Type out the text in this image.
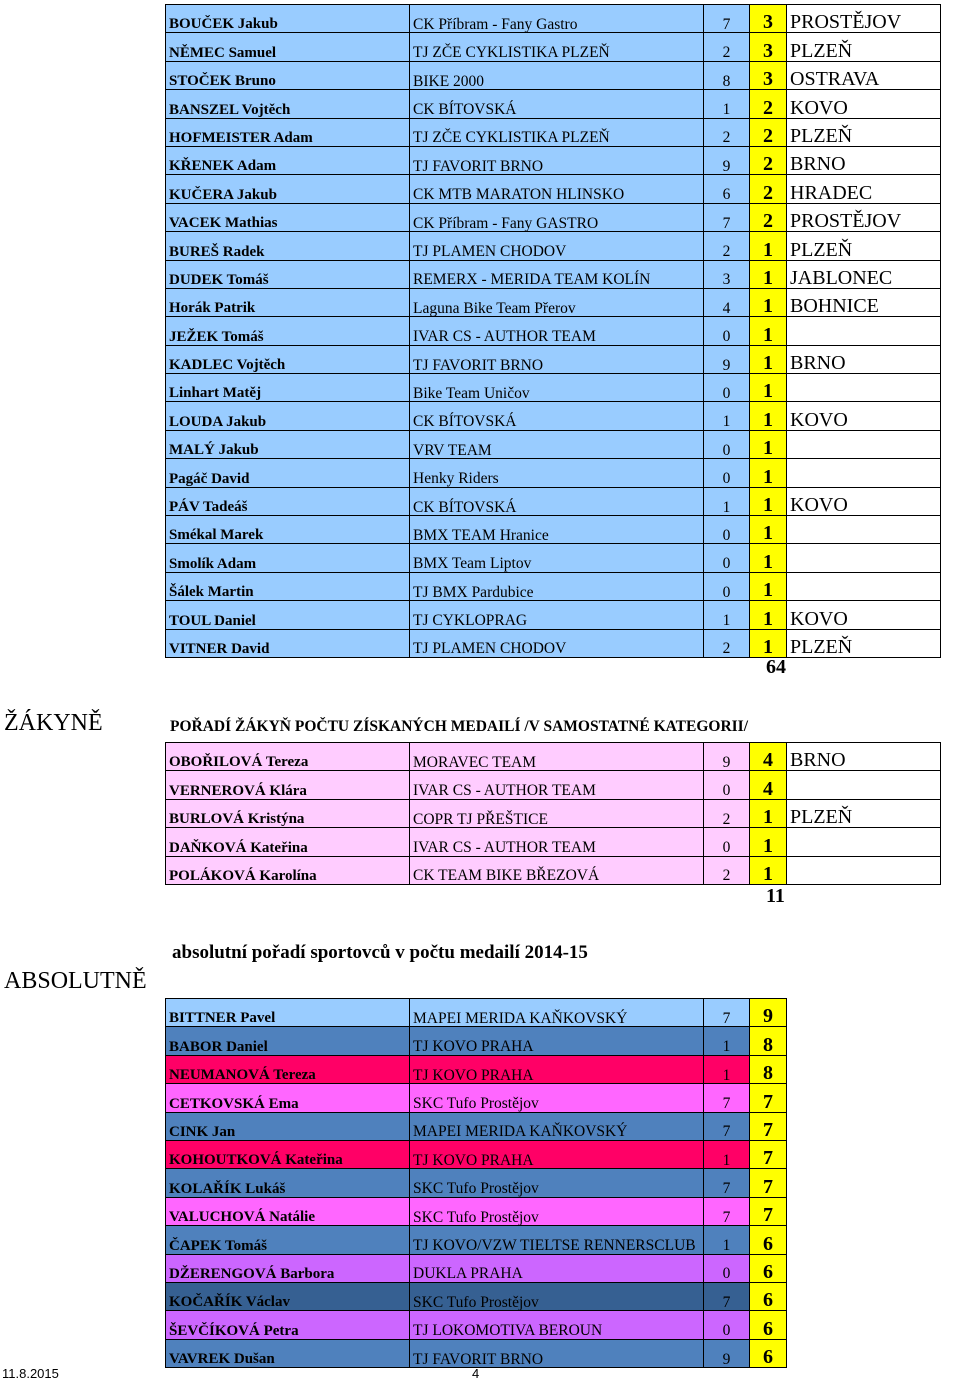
BOUČEK Jakub	CK Příbram - Fany Gastro	7	3	PROSTĚJOV
NĚMEC Samuel	TJ ZČE CYKLISTIKA PLZEŇ	2	3	PLZEŇ
STOČEK Bruno	BIKE 2000	8	3	OSTRAVA
BANSZEL Vojtěch	CK BÍTOVSKÁ	1	2	KOVO
HOFMEISTER Adam	TJ ZČE CYKLISTIKA PLZEŇ	2	2	PLZEŇ
KŘENEK Adam	TJ FAVORIT BRNO	9	2	BRNO
KUČERA Jakub	CK MTB MARATON HLINSKO	6	2	HRADEC
VACEK Mathias	CK Příbram - Fany GASTRO	7	2	PROSTĚJOV
BUREŠ Radek	TJ PLAMEN CHODOV	2	1	PLZEŇ
DUDEK Tomáš	REMERX - MERIDA TEAM KOLÍN	3	1	JABLONEC
Horák Patrik	Laguna Bike Team Přerov	4	1	BOHNICE
JEŽEK Tomáš	IVAR CS - AUTHOR TEAM	0	1	
KADLEC Vojtěch	TJ FAVORIT BRNO	9	1	BRNO
Linhart Matěj	Bike Team Uničov	0	1	
LOUDA Jakub	CK BÍTOVSKÁ	1	1	KOVO
MALÝ Jakub	VRV TEAM	0	1	
Pagáč David	Henky Riders	0	1	
PÁV Tadeáš	CK BÍTOVSKÁ	1	1	KOVO
Smékal Marek	BMX TEAM Hranice	0	1	
Smolík Adam	BMX Team Liptov	0	1	
Šálek Martin	TJ BMX Pardubice	0	1	
TOUL Daniel	TJ CYKLOPRAG	1	1	KOVO
VITNER David	TJ PLAMEN CHODOV	2	1	PLZEŇ
64
ŽÁKYNĚ	POŘADÍ ŽÁKYŇ POČTU ZÍSKANÝCH MEDAILÍ /V SAMOSTATNÉ KATEGORII/
OBOŘILOVÁ Tereza	MORAVEC TEAM	9	4	BRNO
VERNEROVÁ Klára	IVAR CS - AUTHOR TEAM	0	4	
BURLOVÁ Kristýna	COPR TJ PŘEŠTICE	2	1	PLZEŇ
DAŇKOVÁ Kateřina	IVAR CS - AUTHOR TEAM	0	1	
POLÁKOVÁ Karolína	CK TEAM BIKE BŘEZOVÁ	2	1	
11
absolutní pořadí sportovců v počtu medailí 2014-15
ABSOLUTNĚ
BITTNER Pavel	MAPEI MERIDA KAŇKOVSKÝ	7	9
BABOR Daniel	TJ KOVO PRAHA	1	8
NEUMANOVÁ Tereza	TJ KOVO PRAHA	1	8
CETKOVSKÁ Ema	SKC Tufo Prostějov	7	7
CINK Jan	MAPEI MERIDA KAŇKOVSKÝ	7	7
KOHOUTKOVÁ Kateřina	TJ KOVO PRAHA	1	7
KOLAŘÍK Lukáš	SKC Tufo Prostějov	7	7
VALUCHOVÁ Natálie	SKC Tufo Prostějov	7	7
ČAPEK Tomáš	TJ KOVO/VZW TIELTSE RENNERSCLUB	1	6
DŽERENGOVÁ Barbora	DUKLA PRAHA	0	6
KOČAŘÍK Václav	SKC Tufo Prostějov	7	6
ŠEVČÍKOVÁ Petra	TJ LOKOMOTIVA BEROUN	0	6
VAVREK Dušan	TJ FAVORIT BRNO	9	6
11.8.2015	4
